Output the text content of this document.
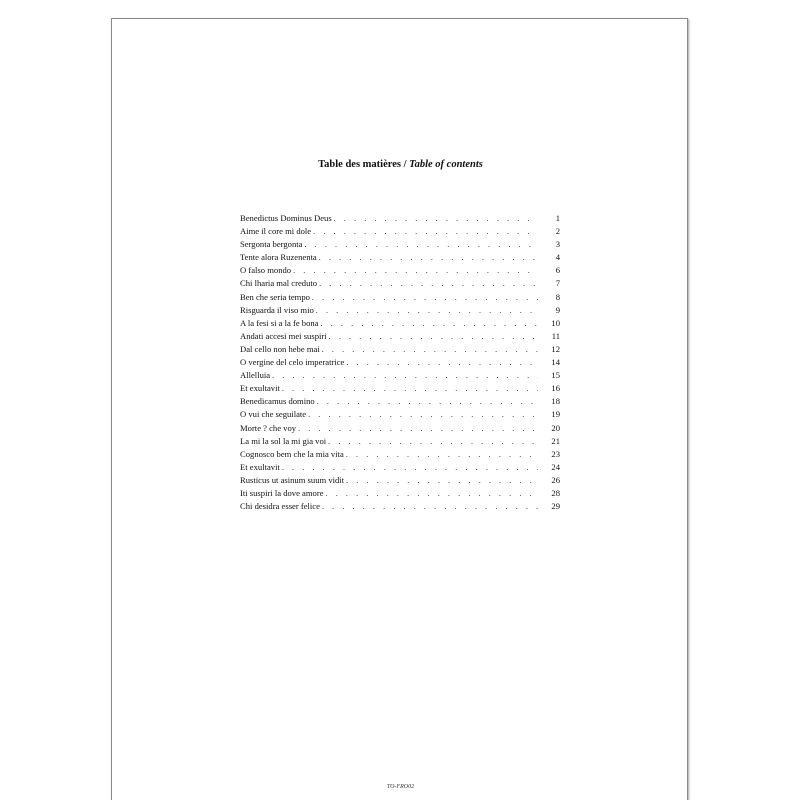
Table des matières / Table of contents
Benedictus Dominus Deus . . .	1
Aime il core mi dole . . .	2
Sergonta bergonta . . .	3
Tente alora Ruzenenta . . .	4
O falso mondo . . .	6
Chi lharia mal creduto . . .	7
Ben che seria tempo . . .	8
Risguarda il viso mio . . .	9
A la fesi si a la fe bona . . .	10
Andati accesi mei suspiri . . .	11
Dal cello non hebe mai . . .	12
O vergine del celo imperatrice . . .	14
Allelluia . . .	15
Et exultavit . . .	16
Benedicamus domino . . .	18
O vui che seguilate . . .	19
Morte ? che voy . . .	20
La mi la sol la mi gia voi . . .	21
Cognosco bem che la mia vita . . .	23
Et exultavit . . .	24
Rusticus ut asinum suum vidit . . .	26
Iti suspiri la dove amore . . .	28
Chi desidra esser felice . . .	29
TO-FRO02
